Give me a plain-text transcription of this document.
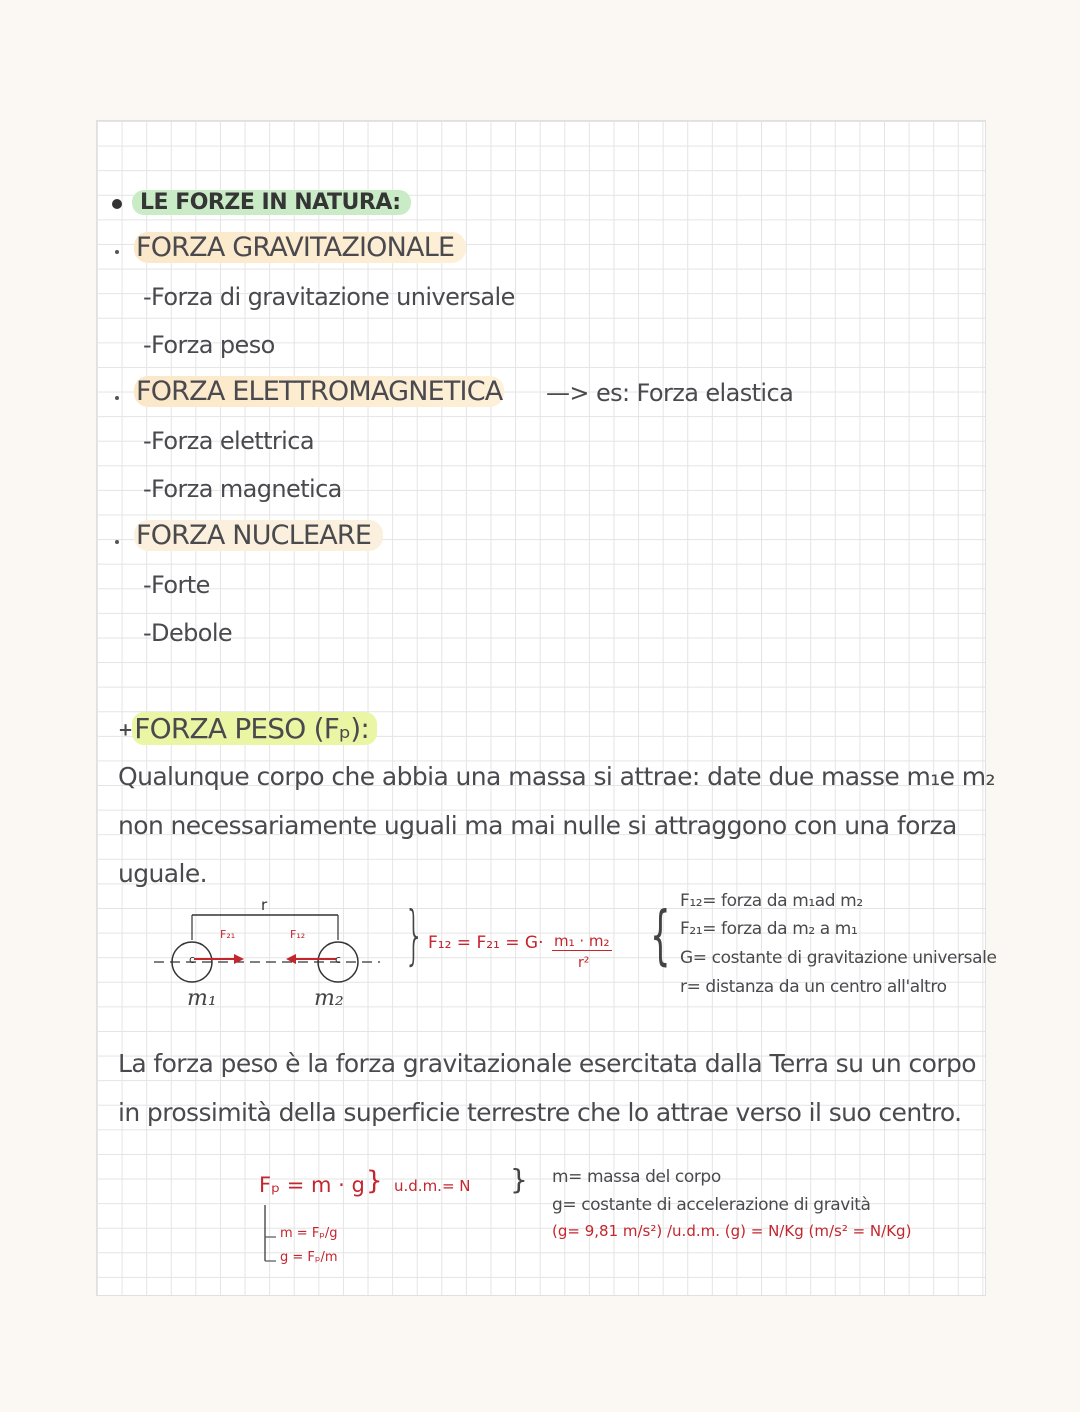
LE FORZE IN NATURA:
FORZA GRAVITAZIONALE
-Forza di gravitazione universale
-Forza peso
FORZA ELETTROMAGNETICA —> es: Forza elastica
-Forza elettrica
-Forza magnetica
FORZA NUCLEARE
-Forte
-Debole
+FORZA PESO (Fₚ):
Qualunque corpo che abbia una massa si attrae: date due masse m₁e m₂
non necessariamente uguali ma mai nulle si attraggono con una forza
uguale.
r
F₂₁	F₁₂
c	c
m₁	m₂
} F₁₂ = F₂₁ = G· m₁ · m₂
r² { F₁₂= forza da m₁ad m₂
F₂₁= forza da m₂ a m₁
G= costante di gravitazione universale
r= distanza da un centro all'altro
La forza peso è la forza gravitazionale esercitata dalla Terra su un corpo
in prossimità della superficie terrestre che lo attrae verso il suo centro.
Fₚ = m · g } u.d.m.= N }
m = Fₚ/g
g = Fₚ/m
m= massa del corpo
g= costante di accelerazione di gravità
(g= 9,81 m/s²) /u.d.m. (g) = N/Kg (m/s² = N/Kg)
